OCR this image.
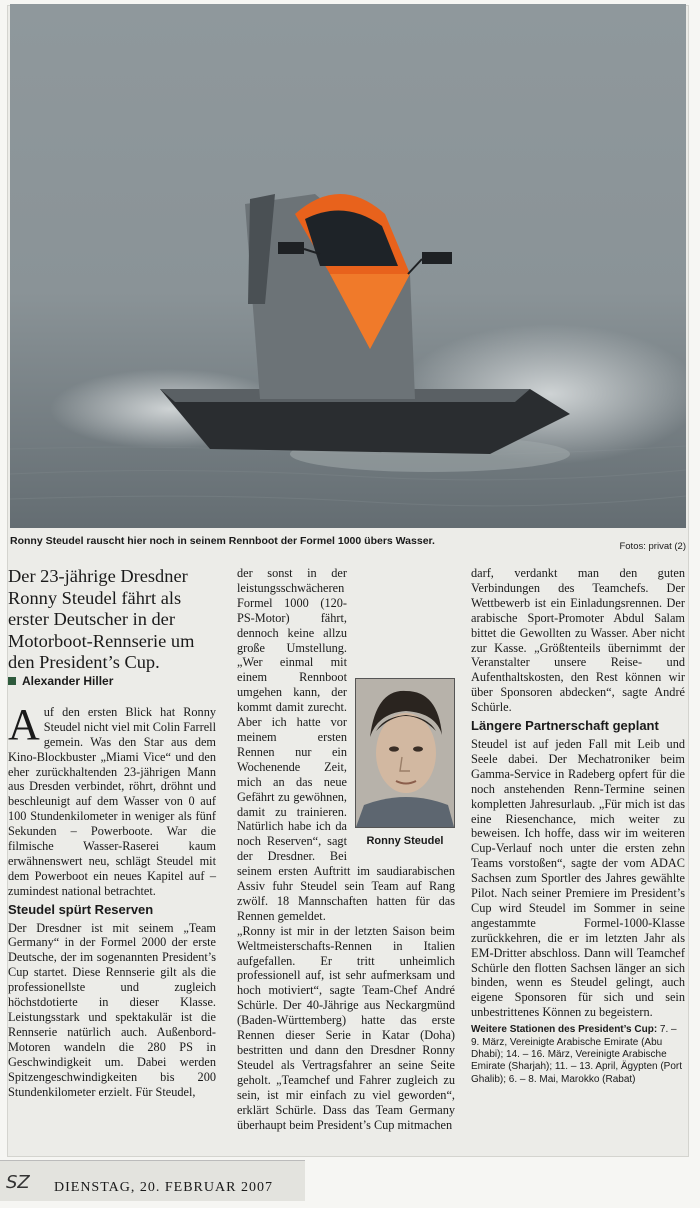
Ronny Steudel rauscht hier noch in seinem Rennboot der Formel 1000 übers Wasser.	Fotos: privat (2)

Der 23-jährige Dresdner Ronny Steudel fährt als erster Deutscher in der Motorboot-Rennserie um den President’s Cup.

Alexander Hiller

Auf den ersten Blick hat Ronny Steudel nicht viel mit Colin Farrell gemein. Was den Star aus dem Kino-Blockbuster „Miami Vice“ und den eher zurückhaltenden 23-jährigen Mann aus Dresden verbindet, röhrt, dröhnt und beschleunigt auf dem Wasser von 0 auf 100 Stundenkilometer in weniger als fünf Sekunden – Powerboote. War die filmische Wasser-Raserei kaum erwähnenswert neu, schlägt Steudel mit dem Powerboot ein neues Kapitel auf – zumindest national betrachtet.

Steudel spürt Reserven

Der Dresdner ist mit seinem „Team Germany“ in der Formel 2000 der erste Deutsche, der im sogenannten President’s Cup startet. Diese Rennserie gilt als die professionellste und zugleich höchstdotierte in dieser Klasse. Leistungsstark und spektakulär ist die Rennserie natürlich auch. Außenbord-Motoren wandeln die 280 PS in Geschwindigkeit um. Dabei werden Spitzengeschwindigkeiten bis 200 Stundenkilometer erzielt. Für Steudel,

Ronny Steudel

der sonst in der leistungsschwächeren Formel 1000 (120-PS-Motor) fährt, dennoch keine allzu große Umstellung. „Wer einmal mit einem Rennboot umgehen kann, der kommt damit zurecht. Aber ich hatte vor meinem ersten Rennen nur ein Wochenende Zeit, mich an das neue Gefährt zu gewöhnen, damit zu trainieren. Natürlich habe ich da noch Reserven“, sagt der Dresdner. Bei seinem ersten Auftritt im saudiarabischen Assiv fuhr Steudel sein Team auf Rang zwölf. 18 Mannschaften hatten für das Rennen gemeldet.

„Ronny ist mir in der letzten Saison beim Weltmeisterschafts-Rennen in Italien aufgefallen. Er tritt unheimlich professionell auf, ist sehr aufmerksam und hoch motiviert“, sagte Team-Chef André Schürle. Der 40-Jährige aus Neckargmünd (Baden-Württemberg) hatte das erste Rennen dieser Serie in Katar (Doha) bestritten und dann den Dresdner Ronny Steudel als Vertragsfahrer an seine Seite geholt. „Teamchef und Fahrer zugleich zu sein, ist mir einfach zu viel geworden“, erklärt Schürle. Dass das Team Germany überhaupt beim President’s Cup mitmachen

darf, verdankt man den guten Verbindungen des Teamchefs. Der Wettbewerb ist ein Einladungsrennen. Der arabische Sport-Promoter Abdul Salam bittet die Gewollten zu Wasser. Aber nicht zur Kasse. „Größtenteils übernimmt der Veranstalter unsere Reise- und Aufenthaltskosten, den Rest können wir über Sponsoren abdecken“, sagte André Schürle.

Längere Partnerschaft geplant

Steudel ist auf jeden Fall mit Leib und Seele dabei. Der Mechatroniker beim Gamma-Service in Radeberg opfert für die noch anstehenden Renn-Termine seinen kompletten Jahresurlaub. „Für mich ist das eine Riesenchance, mich weiter zu beweisen. Ich hoffe, dass wir im weiteren Cup-Verlauf noch unter die ersten zehn Teams vorstoßen“, sagte der vom ADAC Sachsen zum Sportler des Jahres gewählte Pilot. Nach seiner Premiere im President’s Cup wird Steudel im Sommer in seine angestammte Formel-1000-Klasse zurückkehren, die er im letzten Jahr als EM-Dritter abschloss. Dann will Teamchef Schürle den flotten Sachsen länger an sich binden, wenn es Steudel gelingt, auch eigene Sponsoren für sich und sein unbestrittenes Können zu begeistern.

Weitere Stationen des President’s Cup: 7. – 9. März, Vereinigte Arabische Emirate (Abu Dhabi); 14. – 16. März, Vereinigte Arabische Emirate (Sharjah); 11. – 13. April, Ägypten (Port Ghalib); 6. – 8. Mai, Marokko (Rabat)
SZ DIENSTAG, 20. FEBRUAR 2007
